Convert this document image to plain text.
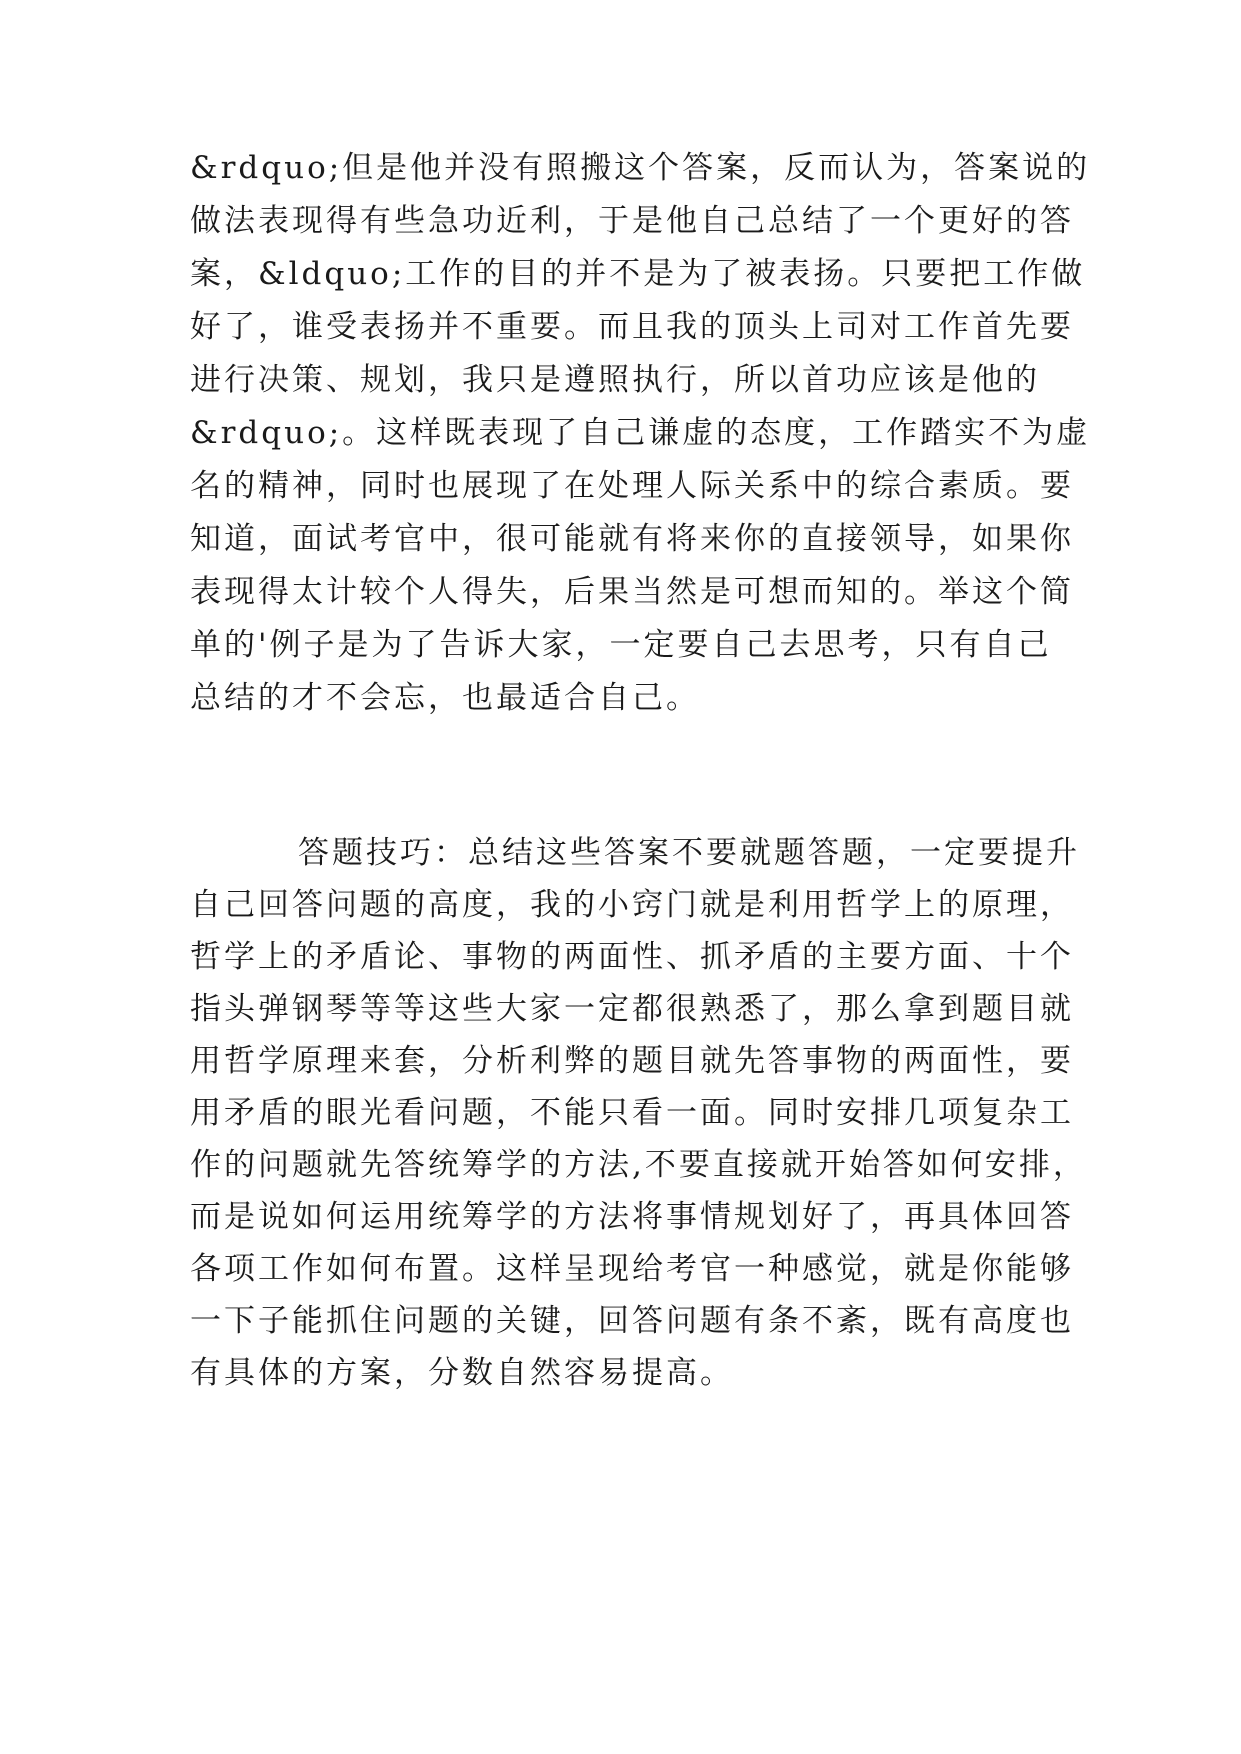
&rdquo;但是他并没有照搬这个答案，反而认为，答案说的
做法表现得有些急功近利，于是他自己总结了一个更好的答
案，&ldquo;工作的目的并不是为了被表扬。只要把工作做
好了，谁受表扬并不重要。而且我的顶头上司对工作首先要
进行决策、规划，我只是遵照执行，所以首功应该是他的
&rdquo;。这样既表现了自己谦虚的态度，工作踏实不为虚
名的精神，同时也展现了在处理人际关系中的综合素质。要
知道，面试考官中，很可能就有将来你的直接领导，如果你
表现得太计较个人得失，后果当然是可想而知的。举这个简
单的'例子是为了告诉大家，一定要自己去思考，只有自己
总结的才不会忘，也最适合自己。
答题技巧：总结这些答案不要就题答题，一定要提升
自己回答问题的高度，我的小窍门就是利用哲学上的原理，
哲学上的矛盾论、事物的两面性、抓矛盾的主要方面、十个
指头弹钢琴等等这些大家一定都很熟悉了，那么拿到题目就
用哲学原理来套，分析利弊的题目就先答事物的两面性，要
用矛盾的眼光看问题，不能只看一面。同时安排几项复杂工
作的问题就先答统筹学的方法,不要直接就开始答如何安排，
而是说如何运用统筹学的方法将事情规划好了，再具体回答
各项工作如何布置。这样呈现给考官一种感觉，就是你能够
一下子能抓住问题的关键，回答问题有条不紊，既有高度也
有具体的方案，分数自然容易提高。
